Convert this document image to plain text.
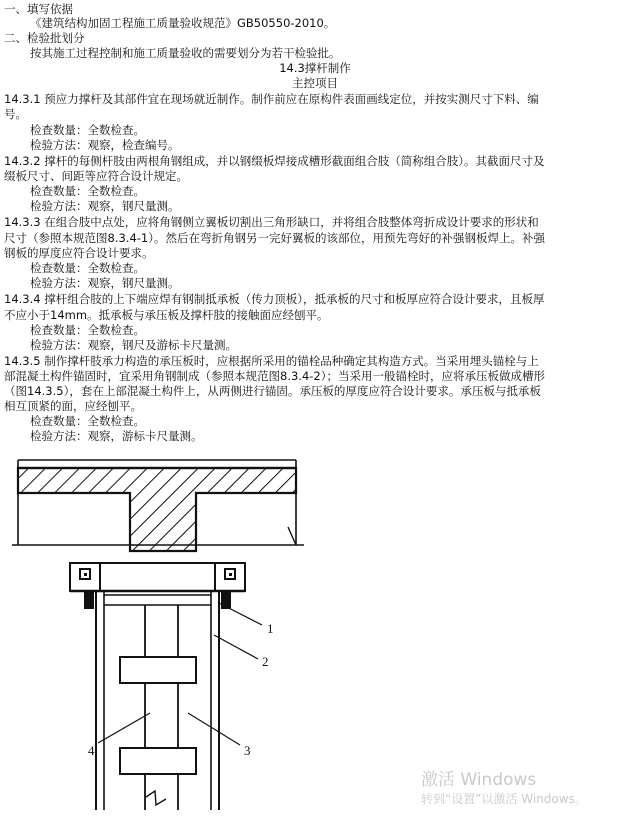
一、填写依据
《建筑结构加固工程施工质量验收规范》GB50550-2010。
二、检验批划分
按其施工过程控制和施工质量验收的需要划分为若干检验批。
14.3撑杆制作
主控项目
14.3.1 预应力撑杆及其部件宜在现场就近制作。制作前应在原构件表面画线定位，并按实测尺寸下料、编
号。
检查数量：全数检查。
检验方法：观察，检查编号。
14.3.2 撑杆的每侧杆肢由两根角钢组成，并以钢缀板焊接成槽形截面组合肢（简称组合肢）。其截面尺寸及
缀板尺寸、间距等应符合设计规定。
检查数量：全数检查。
检验方法：观察，钢尺量测。
14.3.3 在组合肢中点处，应将角钢侧立翼板切割出三角形缺口，并将组合肢整体弯折成设计要求的形状和
尺寸（参照本规范图8.3.4-1）。然后在弯折角钢另一完好翼板的该部位，用预先弯好的补强钢板焊上。补强
钢板的厚度应符合设计要求。
检查数量：全数检查。
检验方法：观察，钢尺量测。
14.3.4 撑杆组合肢的上下端应焊有钢制抵承板（传力顶板），抵承板的尺寸和板厚应符合设计要求，且板厚
不应小于14mm。抵承板与承压板及撑杆肢的接触面应经刨平。
检查数量：全数检查。
检验方法：观察，钢尺及游标卡尺量测。
14.3.5 制作撑杆肢承力构造的承压板时，应根据所采用的锚栓品种确定其构造方式。当采用埋头锚栓与上
部混凝土构件锚固时，宜采用角钢制成（参照本规范图8.3.4-2）；当采用一般锚栓时，应将承压板做成槽形
（图14.3.5），套在上部混凝土构件上，从两侧进行锚固。承压板的厚度应符合设计要求。承压板与抵承板
相互顶紧的面，应经刨平。
检查数量：全数检查。
检验方法：观察，游标卡尺量测。
1
2
4	3
激活 Windows
转到“设置”以激活 Windows。
